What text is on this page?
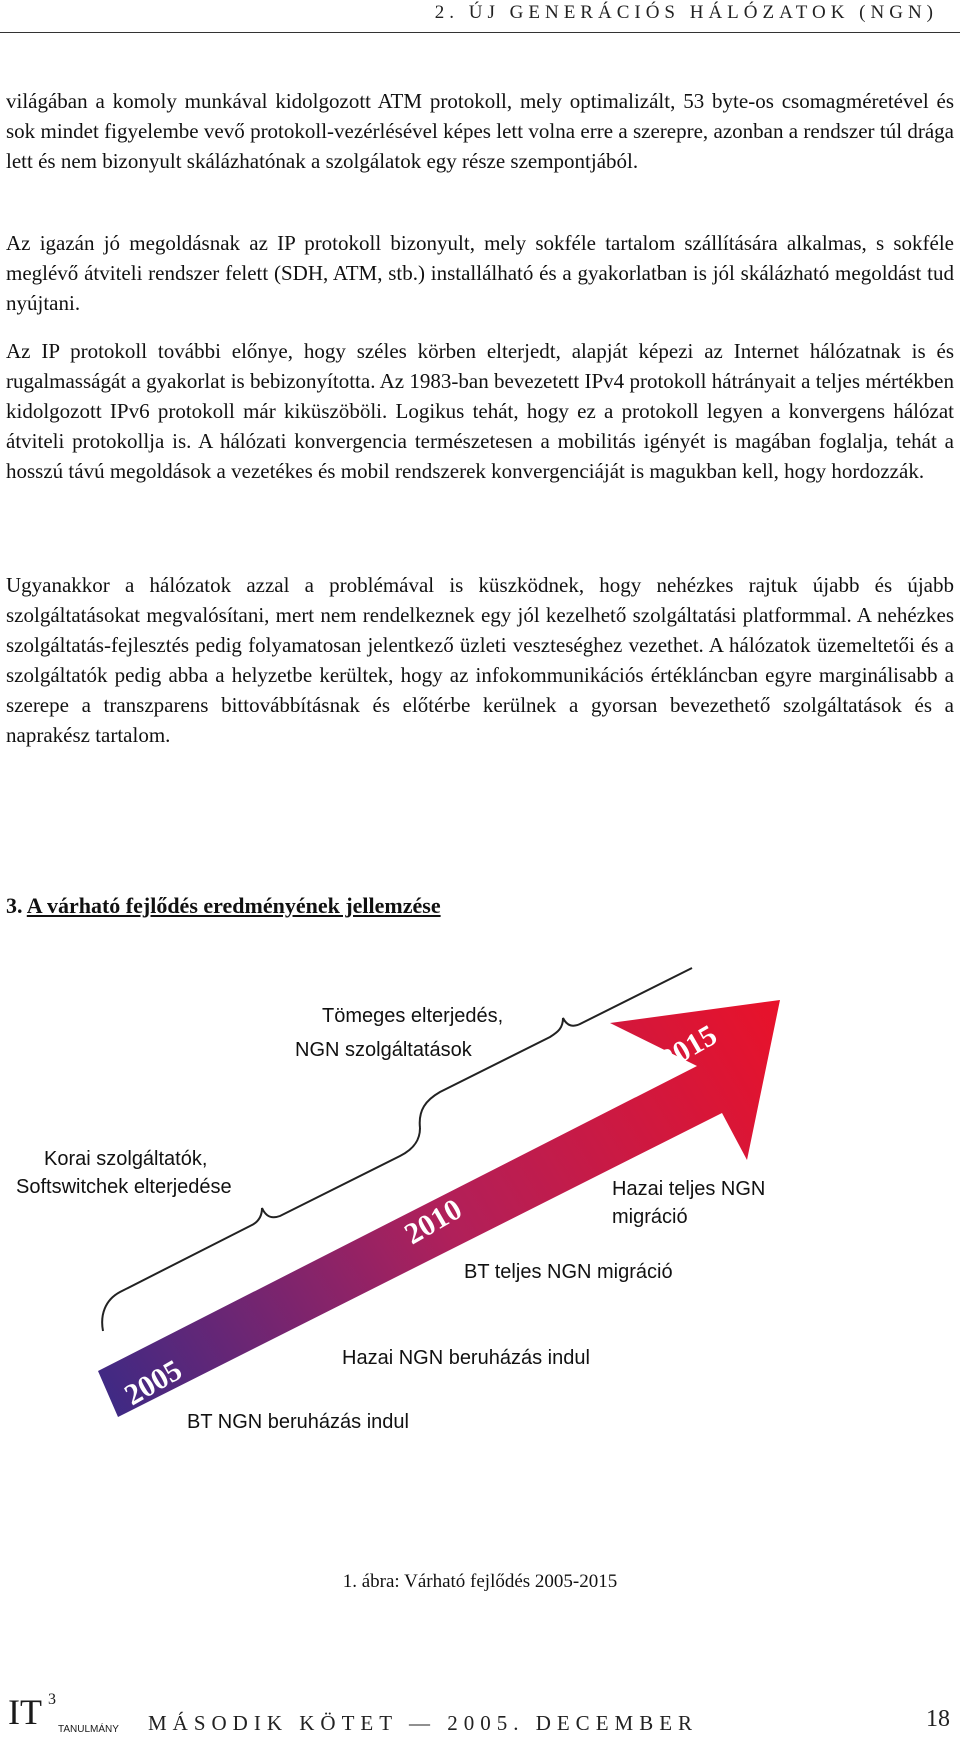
2. ÚJ GENERÁCIÓS HÁLÓZATOK (NGN)

világában a komoly munkával kidolgozott ATM protokoll, mely optimalizált, 53 byte-os csomagméretével és sok mindet figyelembe vevő protokoll-vezérlésével képes lett volna erre a szerepre, azonban a rendszer túl drága lett és nem bizonyult skálázhatónak a szolgálatok egy része szempontjából.

Az igazán jó megoldásnak az IP protokoll bizonyult, mely sokféle tartalom szállítására alkalmas, s sokféle meglévő átviteli rendszer felett (SDH, ATM, stb.) installálható és a gyakorlatban is jól skálázható megoldást tud nyújtani.

Az IP protokoll további előnye, hogy széles körben elterjedt, alapját képezi az Internet hálózatnak is és rugalmasságát a gyakorlat is bebizonyította. Az 1983-ban bevezetett IPv4 protokoll hátrányait a teljes mértékben kidolgozott IPv6 protokoll már kiküszöböli. Logikus tehát, hogy ez a protokoll legyen a konvergens hálózat átviteli protokollja is. A hálózati konvergencia természetesen a mobilitás igényét is magában foglalja, tehát a hosszú távú megoldások a vezetékes és mobil rendszerek konvergenciáját is magukban kell, hogy hordozzák.

Ugyanakkor a hálózatok azzal a problémával is küszködnek, hogy nehézkes rajtuk újabb és újabb szolgáltatásokat megvalósítani, mert nem rendelkeznek egy jól kezelhető szolgáltatási platformmal. A nehézkes szolgáltatás-fejlesztés pedig folyamatosan jelentkező üzleti veszteséghez vezethet. A hálózatok üzemeltetői és a szolgáltatók pedig abba a helyzetbe kerültek, hogy az infokommunikációs értékláncban egyre marginálisabb a szerepe a transzparens bittovábbításnak és előtérbe kerülnek a gyorsan bevezethető szolgáltatások és a naprakész tartalom.

3. A várható fejlődés eredményének jellemzése
2005
2010
2015
Tömeges elterjedés,
NGN szolgáltatások
Korai szolgáltatók,
Softswitchek elterjedése	Hazai teljes NGN
migráció
BT teljes NGN migráció
Hazai NGN beruházás indul
BT NGN beruházás indul
1. ábra: Várható fejlődés 2005-2015
IT 3
TANULMÁNY MÁSODIK KÖTET — 2005. DECEMBER	18
